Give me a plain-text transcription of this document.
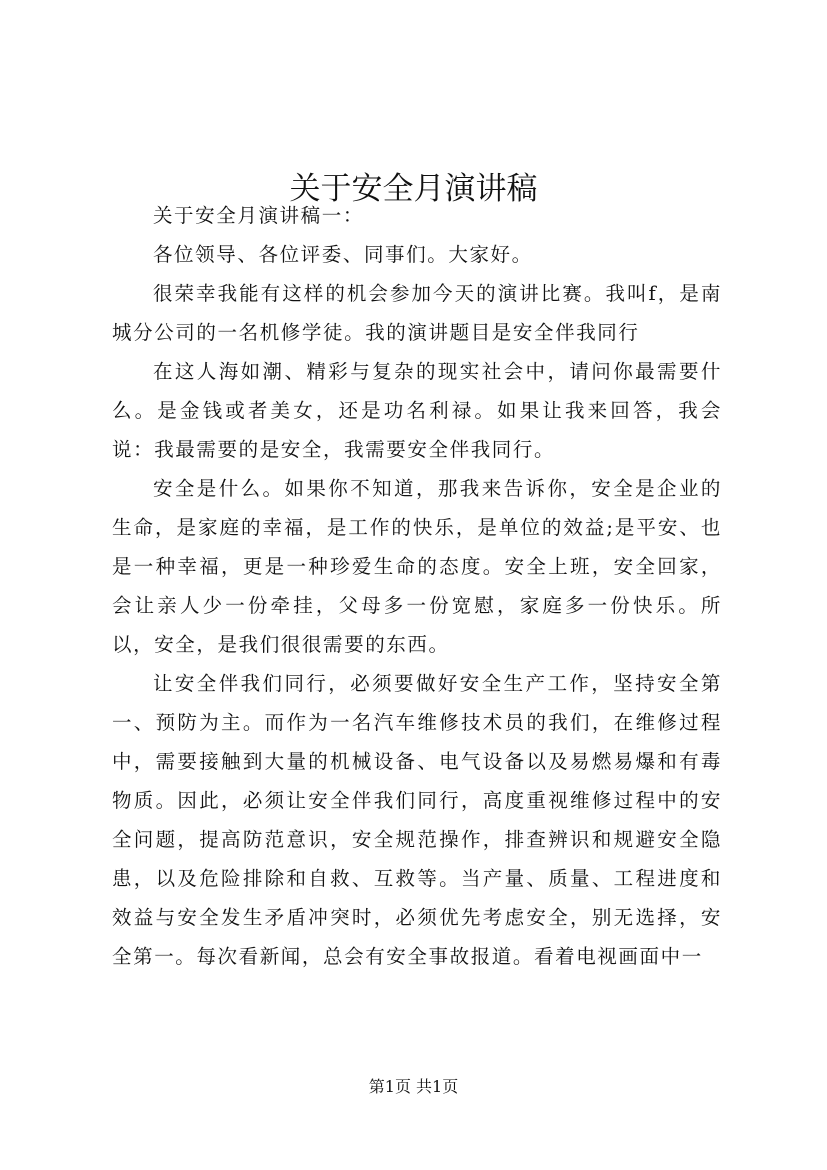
关于安全月演讲稿

关于安全月演讲稿一：

各位领导、各位评委、同事们。大家好。

很荣幸我能有这样的机会参加今天的演讲比赛。我叫f，是南城分公司的一名机修学徒。我的演讲题目是安全伴我同行

在这人海如潮、精彩与复杂的现实社会中，请问你最需要什么。是金钱或者美女，还是功名利禄。如果让我来回答，我会说：我最需要的是安全，我需要安全伴我同行。

安全是什么。如果你不知道，那我来告诉你，安全是企业的生命，是家庭的幸福，是工作的快乐，是单位的效益;是平安、也是一种幸福，更是一种珍爱生命的态度。安全上班，安全回家，会让亲人少一份牵挂，父母多一份宽慰，家庭多一份快乐。所以，安全，是我们很很需要的东西。

让安全伴我们同行，必须要做好安全生产工作，坚持安全第一、预防为主。而作为一名汽车维修技术员的我们，在维修过程中，需要接触到大量的机械设备、电气设备以及易燃易爆和有毒物质。因此，必须让安全伴我们同行，高度重视维修过程中的安全问题，提高防范意识，安全规范操作，排查辨识和规避安全隐患，以及危险排除和自救、互救等。当产量、质量、工程进度和效益与安全发生矛盾冲突时，必须优先考虑安全，别无选择，安全第一。每次看新闻，总会有安全事故报道。看着电视画面中一

第1页 共1页
